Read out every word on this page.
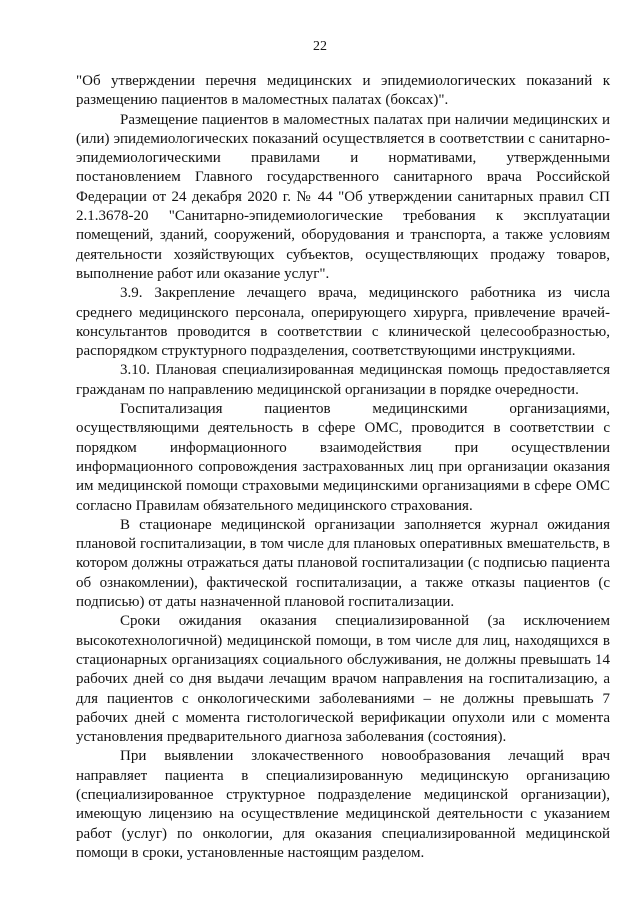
22

"Об утверждении перечня медицинских и эпидемиологических показаний к размещению пациентов в маломестных палатах (боксах)".

Размещение пациентов в маломестных палатах при наличии медицинских и (или) эпидемиологических показаний осуществляется в соответствии с санитарно-эпидемиологическими правилами и нормативами, утвержденными постановлением Главного государственного санитарного врача Российской Федерации от 24 декабря 2020 г. № 44 "Об утверждении санитарных правил СП 2.1.3678-20 "Санитарно-эпидемиологические требования к эксплуатации помещений, зданий, сооружений, оборудования и транспорта, а также условиям деятельности хозяйствующих субъектов, осуществляющих продажу товаров, выполнение работ или оказание услуг".

3.9. Закрепление лечащего врача, медицинского работника из числа среднего медицинского персонала, оперирующего хирурга, привлечение врачей-консультантов проводится в соответствии с клинической целесообразностью, распорядком структурного подразделения, соответствующими инструкциями.

3.10. Плановая специализированная медицинская помощь предоставляется гражданам по направлению медицинской организации в порядке очередности.

Госпитализация пациентов медицинскими организациями, осуществляющими деятельность в сфере ОМС, проводится в соответствии с порядком информационного взаимодействия при осуществлении информационного сопровождения застрахованных лиц при организации оказания им медицинской помощи страховыми медицинскими организациями в сфере ОМС согласно Правилам обязательного медицинского страхования.

В стационаре медицинской организации заполняется журнал ожидания плановой госпитализации, в том числе для плановых оперативных вмешательств, в котором должны отражаться даты плановой госпитализации (с подписью пациента об ознакомлении), фактической госпитализации, а также отказы пациентов (с подписью) от даты назначенной плановой госпитализации.

Сроки ожидания оказания специализированной (за исключением высокотехнологичной) медицинской помощи, в том числе для лиц, находящихся в стационарных организациях социального обслуживания, не должны превышать 14 рабочих дней со дня выдачи лечащим врачом направления на госпитализацию, а для пациентов с онкологическими заболеваниями – не должны превышать 7 рабочих дней с момента гистологической верификации опухоли или с момента установления предварительного диагноза заболевания (состояния).

При выявлении злокачественного новообразования лечащий врач направляет пациента в специализированную медицинскую организацию (специализированное структурное подразделение медицинской организации), имеющую лицензию на осуществление медицинской деятельности с указанием работ (услуг) по онкологии, для оказания специализированной медицинской помощи в сроки, установленные настоящим разделом.
